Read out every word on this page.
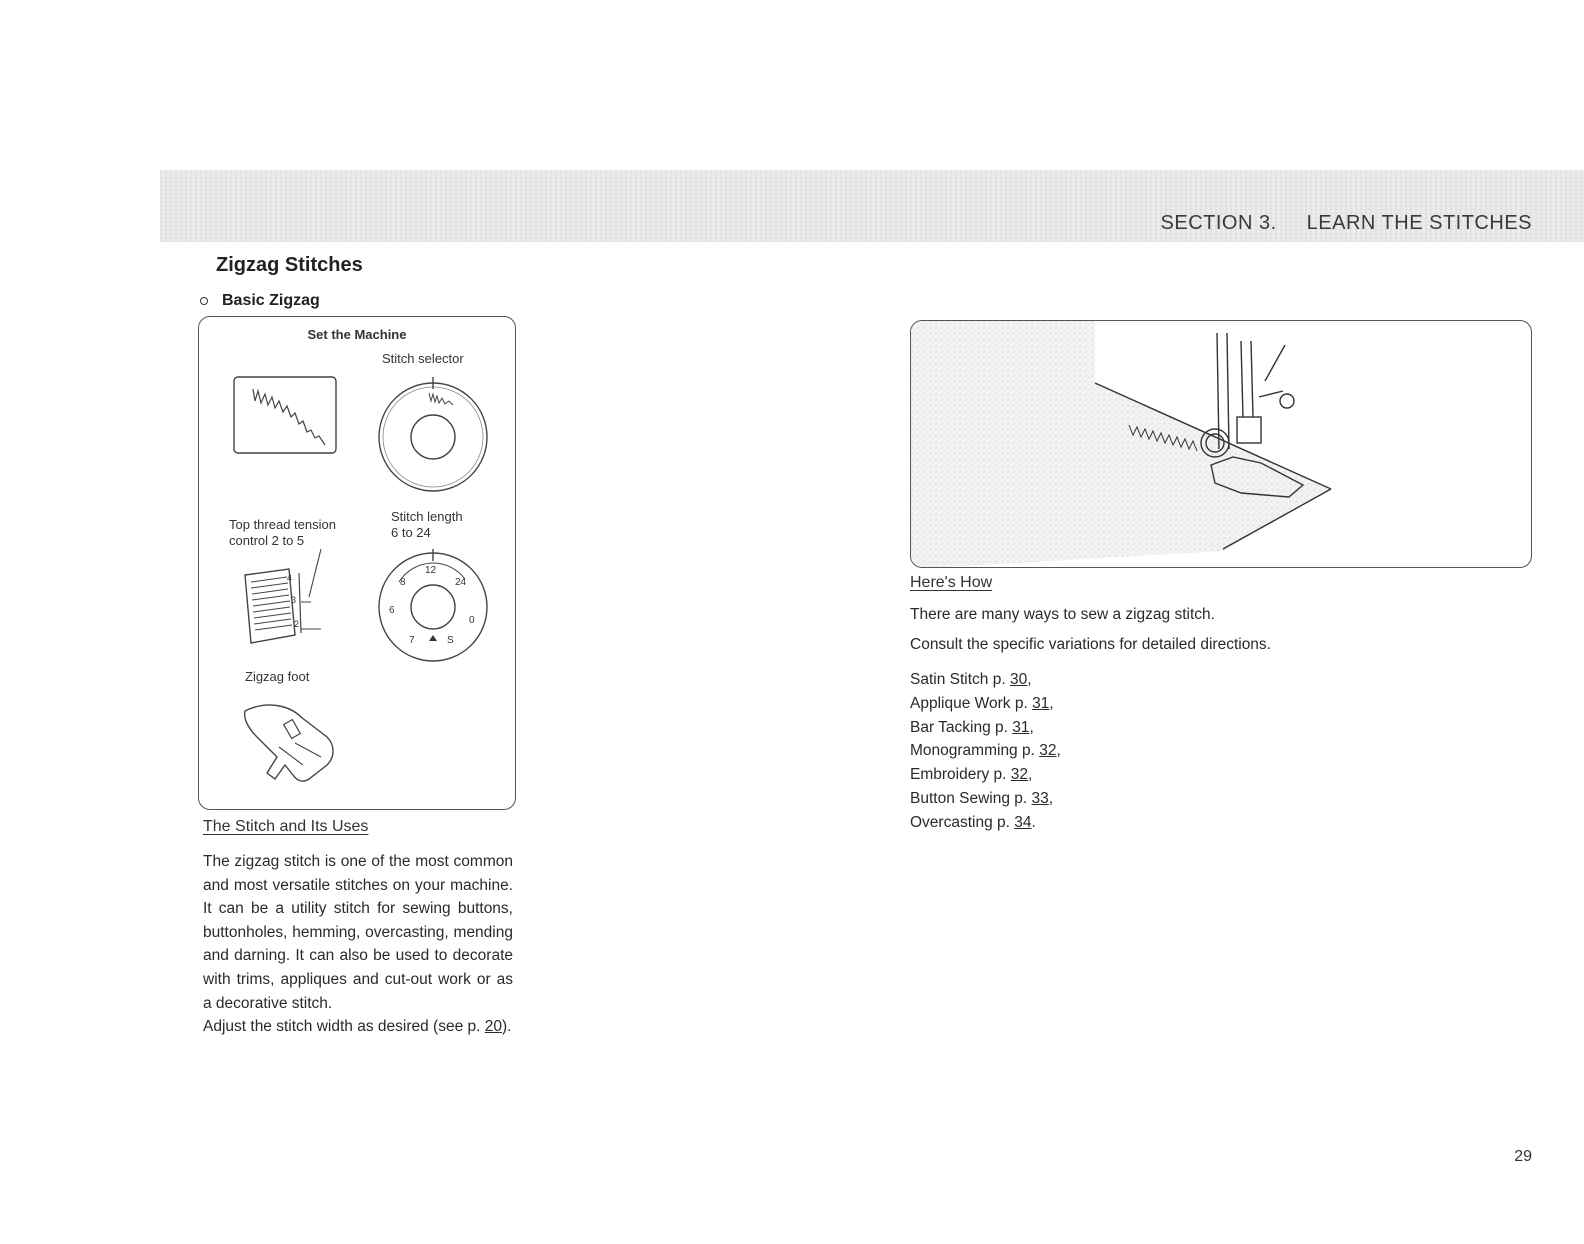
SECTION 3. LEARN THE STITCHES
Zigzag Stitches
Basic Zigzag
Set the Machine
Stitch selector
Top thread tension
control 2 to 5
Stitch length
6 to 24
Zigzag foot
4
3
2
12
8	24
6
0
7	S
The Stitch and Its Uses
The zigzag stitch is one of the most common and most versatile stitches on your machine. It can be a utility stitch for sewing buttons, buttonholes, hemming, overcasting, mending and darning. It can also be used to decorate with trims, appliques and cut-out work or as a decorative stitch.
Adjust the stitch width as desired (see p. 20).
Here's How
There are many ways to sew a zigzag stitch.
Consult the specific variations for detailed directions.
Satin Stitch p. 30,
Applique Work p. 31,
Bar Tacking p. 31,
Monogramming p. 32,
Embroidery p. 32,
Button Sewing p. 33,
Overcasting p. 34.
29
